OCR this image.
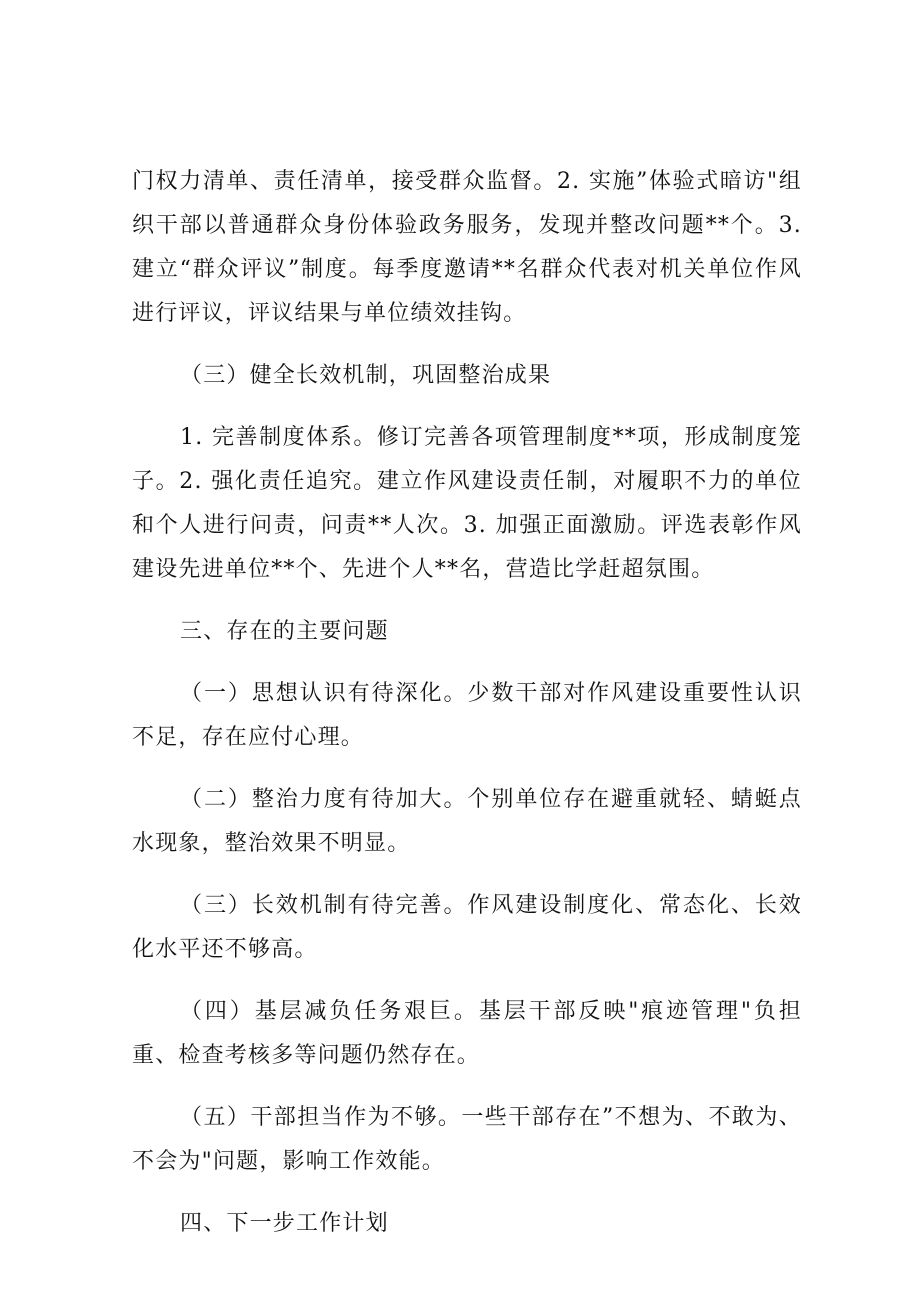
门权力清单、责任清单，接受群众监督。2. 实施”体验式暗访"组织干部以普通群众身份体验政务服务，发现并整改问题**个。3. 建立“群众评议”制度。每季度邀请**名群众代表对机关单位作风进行评议，评议结果与单位绩效挂钩。

（三）健全长效机制，巩固整治成果

1. 完善制度体系。修订完善各项管理制度**项，形成制度笼子。2. 强化责任追究。建立作风建设责任制，对履职不力的单位和个人进行问责，问责**人次。3. 加强正面激励。评选表彰作风建设先进单位**个、先进个人**名，营造比学赶超氛围。

三、存在的主要问题

（一）思想认识有待深化。少数干部对作风建设重要性认识不足，存在应付心理。

（二）整治力度有待加大。个别单位存在避重就轻、蜻蜓点水现象，整治效果不明显。

（三）长效机制有待完善。作风建设制度化、常态化、长效化水平还不够高。

（四）基层减负任务艰巨。基层干部反映"痕迹管理"负担重、检查考核多等问题仍然存在。

（五）干部担当作为不够。一些干部存在”不想为、不敢为、不会为"问题，影响工作效能。

四、下一步工作计划
